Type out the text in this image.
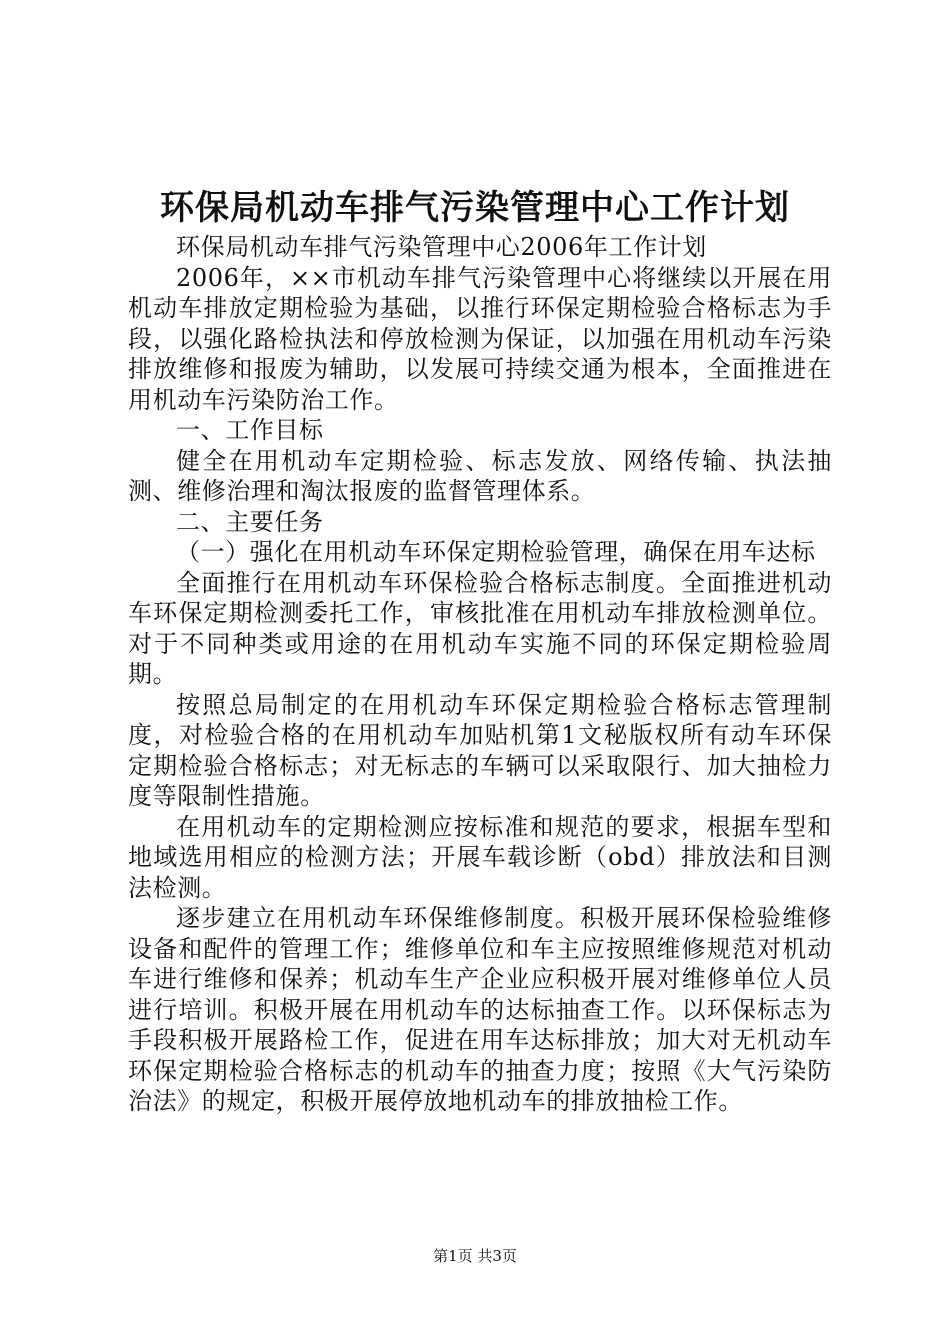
环保局机动车排气污染管理中心工作计划

环保局机动车排气污染管理中心2006年工作计划

2006年，××市机动车排气污染管理中心将继续以开展在用机动车排放定期检验为基础，以推行环保定期检验合格标志为手段，以强化路检执法和停放检测为保证，以加强在用机动车污染排放维修和报废为辅助，以发展可持续交通为根本，全面推进在用机动车污染防治工作。

一、工作目标

健全在用机动车定期检验、标志发放、网络传输、执法抽测、维修治理和淘汰报废的监督管理体系。

二、主要任务

（一）强化在用机动车环保定期检验管理，确保在用车达标

全面推行在用机动车环保检验合格标志制度。全面推进机动车环保定期检测委托工作，审核批准在用机动车排放检测单位。对于不同种类或用途的在用机动车实施不同的环保定期检验周期。

按照总局制定的在用机动车环保定期检验合格标志管理制度，对检验合格的在用机动车加贴机第1文秘版权所有动车环保定期检验合格标志；对无标志的车辆可以采取限行、加大抽检力度等限制性措施。

在用机动车的定期检测应按标准和规范的要求，根据车型和地域选用相应的检测方法；开展车载诊断（obd）排放法和目测法检测。

逐步建立在用机动车环保维修制度。积极开展环保检验维修设备和配件的管理工作；维修单位和车主应按照维修规范对机动车进行维修和保养；机动车生产企业应积极开展对维修单位人员进行培训。积极开展在用机动车的达标抽查工作。以环保标志为手段积极开展路检工作，促进在用车达标排放；加大对无机动车环保定期检验合格标志的机动车的抽查力度；按照《大气污染防治法》的规定，积极开展停放地机动车的排放抽检工作。

第1页 共3页
